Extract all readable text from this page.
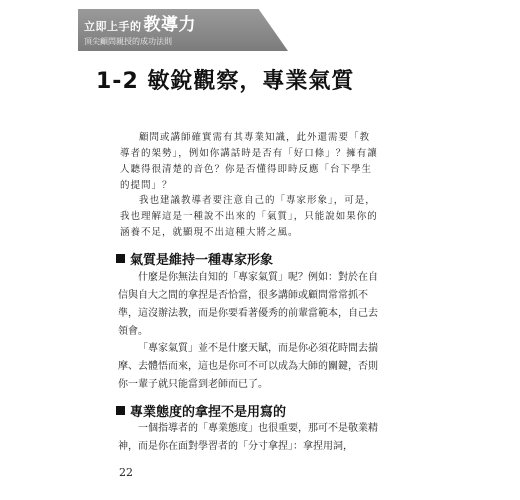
立即上手的 教導力
頂尖顧問親授的成功法則
1-2 敏銳觀察，專業氣質

顧問或講師確實需有其專業知識，此外還需要「教導者的架勢」，例如你講話時是否有「好口條」？擁有讓人聽得很清楚的音色？你是否懂得即時反應「台下學生的提問」？

我也建議教導者要注意自己的「專家形象」，可是，我也理解這是一種說不出來的「氣質」，只能說如果你的涵養不足，就顯現不出這種大將之風。

氣質是維持一種專家形象

什麼是你無法自知的「專家氣質」呢？例如：對於在自信與自大之間的拿捏是否恰當，很多講師或顧問常常抓不準，這沒辦法教，而是你要看著優秀的前輩當範本，自己去領會。

「專家氣質」並不是什麼天賦，而是你必須花時間去揣摩、去體悟而來，這也是你可不可以成為大師的關鍵，否則你一輩子就只能當到老師而已了。

專業態度的拿捏不是用寫的

一個指導者的「專業態度」也很重要，那可不是敬業精神，而是你在面對學習者的「分寸拿捏」：拿捏用詞，

22
